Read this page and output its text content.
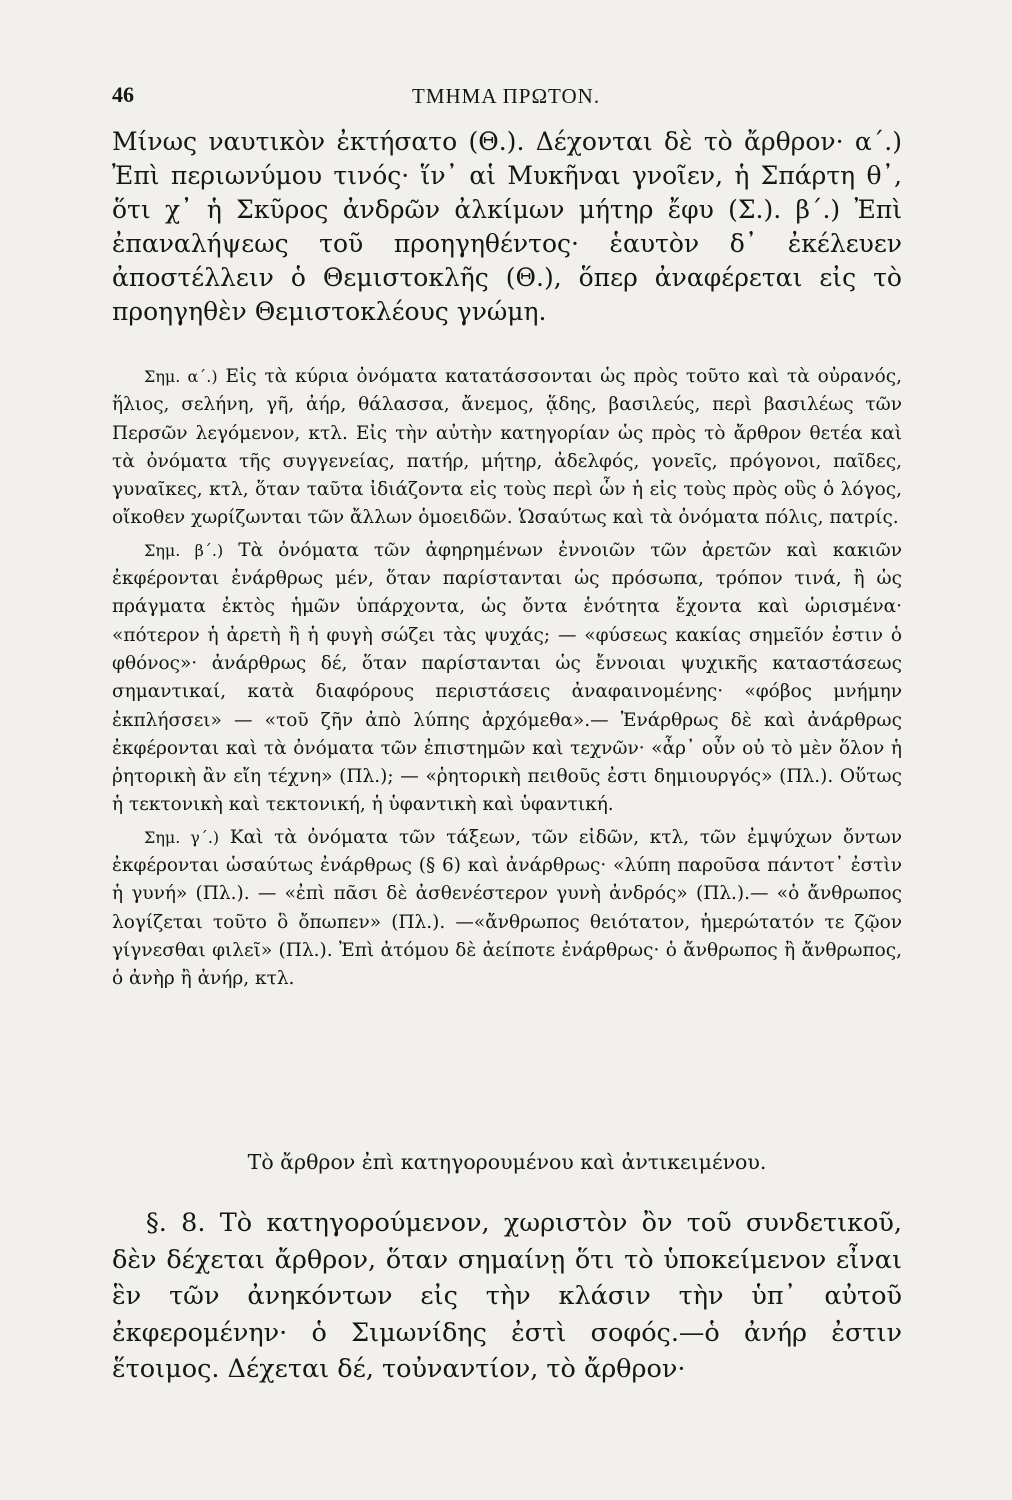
46	ΤΜΗΜΑ ΠΡΩΤΟΝ.

Μίνως ναυτικὸν ἐκτήσατο (Θ.). Δέχονται δὲ τὸ ἄρθρον· α΄.) Ἐπὶ περιωνύμου τινός· ἵν᾽ αἱ Μυκῆναι γνοῖεν, ἡ Σπάρτη θ᾽, ὅτι χ᾽ ἡ Σκῦρος ἀνδρῶν ἀλκίμων μήτηρ ἔφυ (Σ.). β΄.) Ἐπὶ ἐπαναλήψεως τοῦ προηγηθέντος· ἑαυτὸν δ᾽ ἐκέλευεν ἀποστέλλειν ὁ Θεμιστοκλῆς (Θ.), ὅπερ ἀναφέρεται εἰς τὸ προηγηθὲν Θεμιστοκλέους γνώμη.

Σημ. α΄.) Εἰς τὰ κύρια ὀνόματα κατατάσσονται ὡς πρὸς τοῦτο καὶ τὰ οὐρανός, ἥλιος, σελήνη, γῆ, ἀήρ, θάλασσα, ἄνεμος, ᾅδης, βασιλεύς, περὶ βασιλέως τῶν Περσῶν λεγόμενον, κτλ. Εἰς τὴν αὐτὴν κατηγορίαν ὡς πρὸς τὸ ἄρθρον θετέα καὶ τὰ ὀνόματα τῆς συγγενείας, πατήρ, μήτηρ, ἀδελφός, γονεῖς, πρόγονοι, παῖδες, γυναῖκες, κτλ, ὅταν ταῦτα ἰδιάζοντα εἰς τοὺς περὶ ὧν ἡ εἰς τοὺς πρὸς οὓς ὁ λόγος, οἴκοθεν χωρίζωνται τῶν ἄλλων ὁμοειδῶν. Ὡσαύτως καὶ τὰ ὀνόματα πόλις, πατρίς.

Σημ. β΄.) Τὰ ὀνόματα τῶν ἀφηρημένων ἐννοιῶν τῶν ἀρετῶν καὶ κακιῶν ἐκφέρονται ἐνάρθρως μέν, ὅταν παρίστανται ὡς πρόσωπα, τρόπον τινά, ἢ ὡς πράγματα ἐκτὸς ἡμῶν ὑπάρχοντα, ὡς ὄντα ἑνότητα ἔχοντα καὶ ὡρισμένα· «πότερον ἡ ἀρετὴ ἢ ἡ φυγὴ σώζει τὰς ψυχάς; — «φύσεως κακίας σημεῖόν ἐστιν ὁ φθόνος»· ἀνάρθρως δέ, ὅταν παρίστανται ὡς ἔννοιαι ψυχικῆς καταστάσεως σημαντικαί, κατὰ διαφόρους περιστάσεις ἀναφαινομένης· «φόβος μνήμην ἐκπλήσσει» — «τοῦ ζῆν ἀπὸ λύπης ἀρχόμεθα».— Ἐνάρθρως δὲ καὶ ἀνάρθρως ἐκφέρονται καὶ τὰ ὀνόματα τῶν ἐπιστημῶν καὶ τεχνῶν· «ἆρ᾽ οὖν οὐ τὸ μὲν ὅλον ἡ ῥητορικὴ ἂν εἴη τέχνη» (Πλ.); — «ῥητορικὴ πειθοῦς ἐστι δημιουργός» (Πλ.). Οὕτως ἡ τεκτονικὴ καὶ τεκτονική, ἡ ὑφαντικὴ καὶ ὑφαντική.

Σημ. γ΄.) Καὶ τὰ ὀνόματα τῶν τάξεων, τῶν εἰδῶν, κτλ, τῶν ἐμψύχων ὄντων ἐκφέρονται ὡσαύτως ἐνάρθρως (§ 6) καὶ ἀνάρθρως· «λύπη παροῦσα πάντοτ᾽ ἐστὶν ἡ γυνή» (Πλ.). — «ἐπὶ πᾶσι δὲ ἀσθενέστερον γυνὴ ἀνδρός» (Πλ.).— «ὁ ἄνθρωπος λογίζεται τοῦτο ὃ ὄπωπεν» (Πλ.). —«ἄνθρωπος θειότατον, ἡμερώτατόν τε ζῷον γίγνεσθαι φιλεῖ» (Πλ.). Ἐπὶ ἀτόμου δὲ ἀείποτε ἐνάρθρως· ὁ ἄνθρωπος ἢ ἄνθρωπος, ὁ ἀνὴρ ἢ ἀνήρ, κτλ.

Τὸ ἄρθρον ἐπὶ κατηγορουμένου καὶ ἀντικειμένου.

§. 8. Τὸ κατηγορούμενον, χωριστὸν ὂν τοῦ συνδετικοῦ, δὲν δέχεται ἄρθρον, ὅταν σημαίνῃ ὅτι τὸ ὑποκείμενον εἶναι ἓν τῶν ἀνηκόντων εἰς τὴν κλάσιν τὴν ὑπ᾽ αὐτοῦ ἐκφερομένην· ὁ Σιμωνίδης ἐστὶ σοφός.—ὁ ἀνήρ ἐστιν ἕτοιμος. Δέχεται δέ, τοὐναντίον, τὸ ἄρθρον·
